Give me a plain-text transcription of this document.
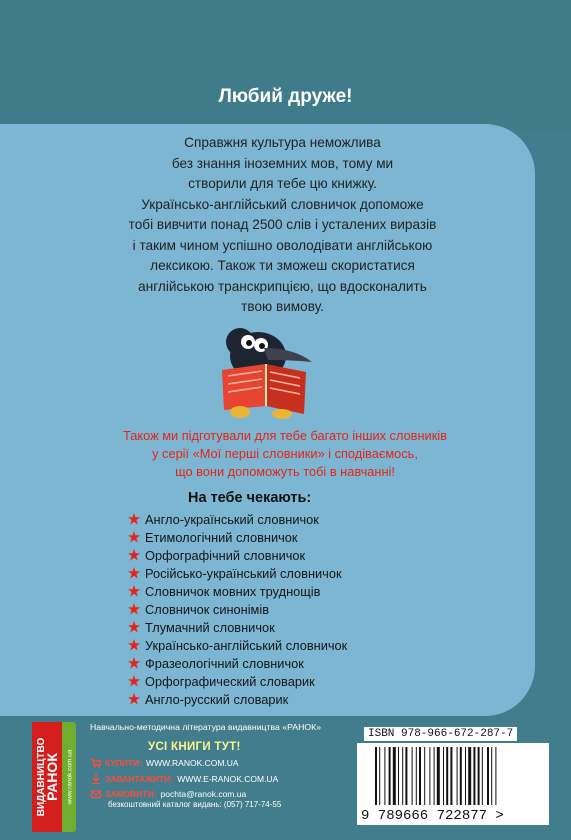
Любий друже!
Справжня культура неможлива
без знання іноземних мов, тому ми
створили для тебе цю книжку.
Українсько-англійський словничок допоможе
тобі вивчити понад 2500 слів і усталених виразів
і таким чином успішно оволодівати англійською
лексикою. Також ти зможеш скористатися
англійською транскрипцією, що вдосконалить
твою вимову.
Також ми підготували для тебе багато інших словників
у серії «Мої перші словники» і сподіваємось,
що вони допоможуть тобі в навчанні!
На тебе чекають:
Англо-український словничок
Етимологічний словничок
Орфографічний словничок
Російсько-український словничок
Словничок мовних труднощів
Словничок синонімів
Тлумачний словничок
Українсько-англійський словничок
Фразеологічний словничок
Орфографический словарик
Англо-русский словарик
ВИДАВНИЦТВО
РАНОК www.ranok.com.ua
Навчально-методична література видавництва «РАНОК»
УСІ КНИГИ ТУТ!
КУПИТИ: WWW.RANOK.COM.UA
ЗАВАНТАЖИТИ: WWW.E-RANOK.COM.UA
ЗАМОВИТИ: pochta@ranok.com.ua
безкоштовний каталог видань: (057) 717-74-55
ISBN 978-966-672-287-7
9 789666 722877 >
